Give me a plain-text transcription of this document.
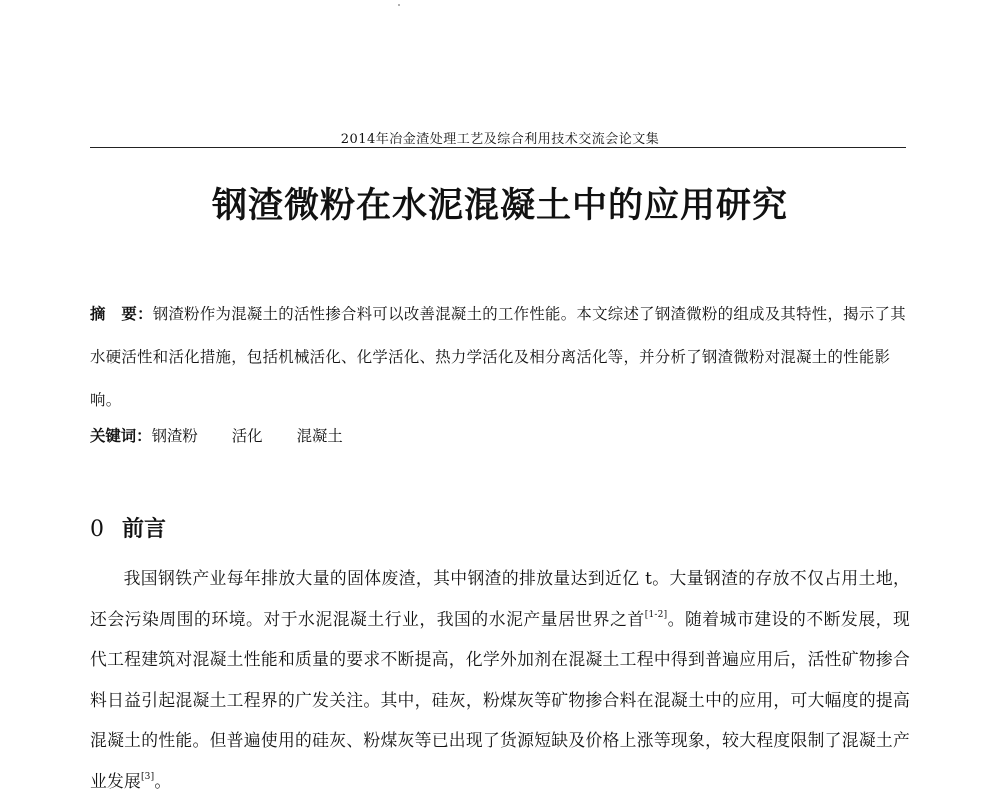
2014年冶金渣处理工艺及综合利用技术交流会论文集
钢渣微粉在水泥混凝土中的应用研究

摘　要：钢渣粉作为混凝土的活性掺合料可以改善混凝土的工作性能。本文综述了钢渣微粉的组成及其特性，揭示了其水硬活性和活化措施，包括机械活化、化学活化、热力学活化及相分离活化等，并分析了钢渣微粉对混凝土的性能影响。

关键词：钢渣粉 活化 混凝土
0 前言

我国钢铁产业每年排放大量的固体废渣，其中钢渣的排放量达到近亿 t。大量钢渣的存放不仅占用土地，还会污染周围的环境。对于水泥混凝土行业，我国的水泥产量居世界之首[1-2]。随着城市建设的不断发展，现代工程建筑对混凝土性能和质量的要求不断提高，化学外加剂在混凝土工程中得到普遍应用后，活性矿物掺合料日益引起混凝土工程界的广发关注。其中，硅灰，粉煤灰等矿物掺合料在混凝土中的应用，可大幅度的提高混凝土的性能。但普遍使用的硅灰、粉煤灰等已出现了货源短缺及价格上涨等现象，较大程度限制了混凝土产业发展[3]。
